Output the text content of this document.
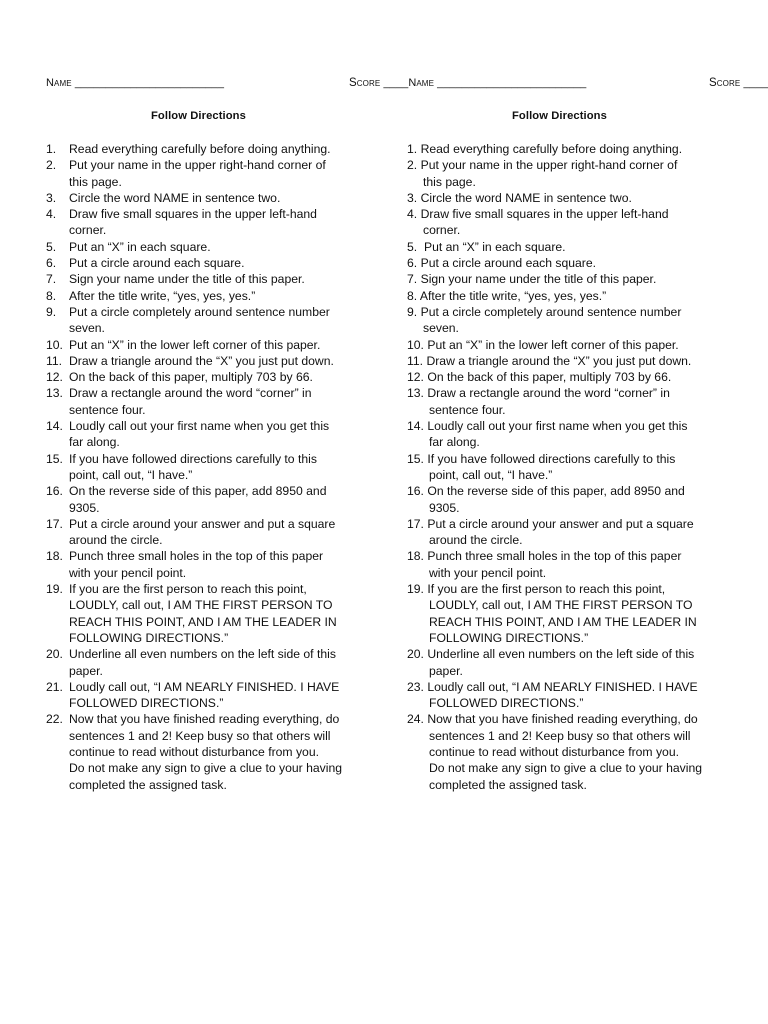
Name ________________________	Score ____Name ________________________	Score ____
Follow Directions	Follow Directions
1. Read everything carefully before doing anything.
2. Put your name in the upper right-hand corner of
this page.
3. Circle the word NAME in sentence two.
4. Draw five small squares in the upper left-hand
corner.
5. Put an “X” in each square.
6. Put a circle around each square.
7. Sign your name under the title of this paper.
8. After the title write, “yes, yes, yes.”
9. Put a circle completely around sentence number
seven.
10. Put an “X” in the lower left corner of this paper.
11. Draw a triangle around the “X” you just put down.
12. On the back of this paper, multiply 703 by 66.
13. Draw a rectangle around the word “corner” in
sentence four.
14. Loudly call out your first name when you get this
far along.
15. If you have followed directions carefully to this
point, call out, “I have.”
16. On the reverse side of this paper, add 8950 and
9305.
17. Put a circle around your answer and put a square
around the circle.
18. Punch three small holes in the top of this paper
with your pencil point.
19. If you are the first person to reach this point,
LOUDLY, call out, I AM THE FIRST PERSON TO
REACH THIS POINT, AND I AM THE LEADER IN
FOLLOWING DIRECTIONS.”
20. Underline all even numbers on the left side of this
paper.
21. Loudly call out, “I AM NEARLY FINISHED. I HAVE
FOLLOWED DIRECTIONS.”
22. Now that you have finished reading everything, do
sentences 1 and 2! Keep busy so that others will
continue to read without disturbance from you.
Do not make any sign to give a clue to your having
completed the assigned task.
1. Read everything carefully before doing anything.
2. Put your name in the upper right-hand corner of
this page.
3. Circle the word NAME in sentence two.
4. Draw five small squares in the upper left-hand
corner.
5.  Put an “X” in each square.
6. Put a circle around each square.
7. Sign your name under the title of this paper.
8. After the title write, “yes, yes, yes.”
9. Put a circle completely around sentence number
seven.
10. Put an “X” in the lower left corner of this paper.
11. Draw a triangle around the “X” you just put down.
12. On the back of this paper, multiply 703 by 66.
13. Draw a rectangle around the word “corner” in
sentence four.
14. Loudly call out your first name when you get this
far along.
15. If you have followed directions carefully to this
point, call out, “I have.”
16. On the reverse side of this paper, add 8950 and
9305.
17. Put a circle around your answer and put a square
around the circle.
18. Punch three small holes in the top of this paper
with your pencil point.
19. If you are the first person to reach this point,
LOUDLY, call out, I AM THE FIRST PERSON TO
REACH THIS POINT, AND I AM THE LEADER IN
FOLLOWING DIRECTIONS.”
20. Underline all even numbers on the left side of this
paper.
23. Loudly call out, “I AM NEARLY FINISHED. I HAVE
FOLLOWED DIRECTIONS.”
24. Now that you have finished reading everything, do
sentences 1 and 2! Keep busy so that others will
continue to read without disturbance from you.
Do not make any sign to give a clue to your having
completed the assigned task.
